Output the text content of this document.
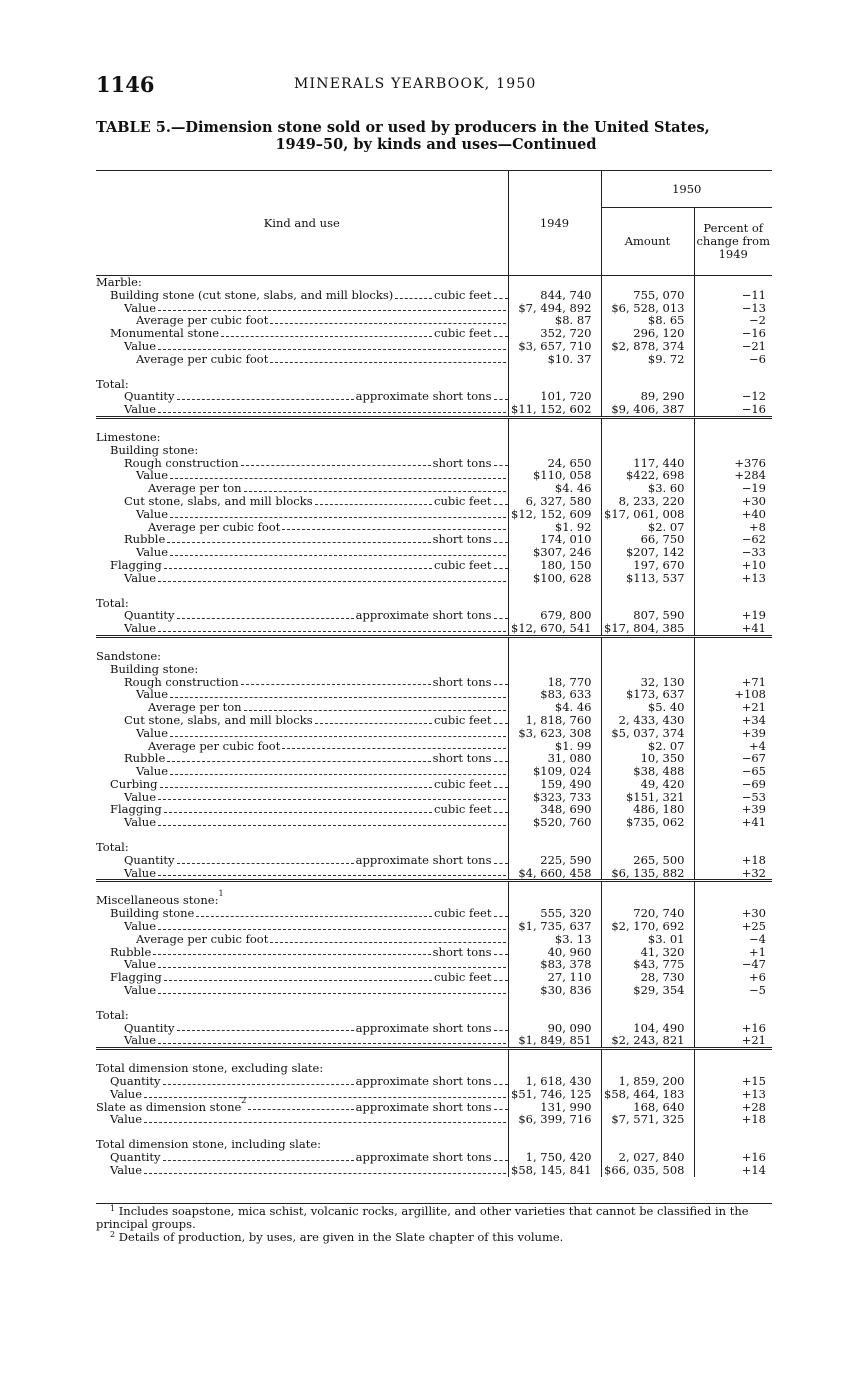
1146	MINERALS YEARBOOK, 1950
TABLE 5.—Dimension stone sold or used by producers in the United States,
1949–50, by kinds and uses—Continued
Kind and use	1949	1950	
		Amount	Percent of change from 1949

Marble:			

Building stone (cut stone, slabs, and mill blocks) cubic feet	844, 740	755, 070	−11

Value	$7, 494, 892	$6, 528, 013	−13

Average per cubic foot	$8. 87	$8. 65	−2

Monumental stone cubic feet	352, 720	296, 120	−16

Value	$3, 657, 710	$2, 878, 374	−21

Average per cubic foot	$10. 37	$9. 72	−6

Total:			

Quantity approximate short tons	101, 720	89, 290	−12

Value	$11, 152, 602	$9, 406, 387	−16

Limestone:			

Building stone:			

Rough construction short tons	24, 650	117, 440	+376

Value	$110, 058	$422, 698	+284

Average per ton	$4. 46	$3. 60	−19

Cut stone, slabs, and mill blocks cubic feet	6, 327, 580	8, 233, 220	+30

Value	$12, 152, 609	$17, 061, 008	+40

Average per cubic foot	$1. 92	$2. 07	+8

Rubble short tons	174, 010	66, 750	−62

Value	$307, 246	$207, 142	−33

Flagging cubic feet	180, 150	197, 670	+10

Value	$100, 628	$113, 537	+13

Total:			

Quantity approximate short tons	679, 800	807, 590	+19

Value	$12, 670, 541	$17, 804, 385	+41

Sandstone:			

Building stone:			

Rough construction short tons	18, 770	32, 130	+71

Value	$83, 633	$173, 637	+108

Average per ton	$4. 46	$5. 40	+21

Cut stone, slabs, and mill blocks cubic feet	1, 818, 760	2, 433, 430	+34

Value	$3, 623, 308	$5, 037, 374	+39

Average per cubic foot	$1. 99	$2. 07	+4

Rubble short tons	31, 080	10, 350	−67

Value	$109, 024	$38, 488	−65

Curbing cubic feet	159, 490	49, 420	−69

Value	$323, 733	$151, 321	−53

Flagging cubic feet	348, 690	486, 180	+39

Value	$520, 760	$735, 062	+41

Total:			

Quantity approximate short tons	225, 590	265, 500	+18

Value	$4, 660, 458	$6, 135, 882	+32

Miscellaneous stone: 1			

Building stone cubic feet	555, 320	720, 740	+30

Value	$1, 735, 637	$2, 170, 692	+25

Average per cubic foot	$3. 13	$3. 01	−4

Rubble short tons	40, 960	41, 320	+1

Value	$83, 378	$43, 775	−47

Flagging cubic feet	27, 110	28, 730	+6

Value	$30, 836	$29, 354	−5

Total:			

Quantity approximate short tons	90, 090	104, 490	+16

Value	$1, 849, 851	$2, 243, 821	+21

Total dimension stone, excluding slate:			

Quantity approximate short tons	1, 618, 430	1, 859, 200	+15

Value	$51, 746, 125	$58, 464, 183	+13

Slate as dimension stone 2 approximate short tons	131, 990	168, 640	+28

Value	$6, 399, 716	$7, 571, 325	+18

Total dimension stone, including slate:			

Quantity approximate short tons	1, 750, 420	2, 027, 840	+16

Value	$58, 145, 841	$66, 035, 508	+14

$^1$ Includes soapstone, mica schist, volcanic rocks, argillite, and other varieties that cannot be classified in the principal groups.

$^2$ Details of production, by uses, are given in the Slate chapter of this volume.
